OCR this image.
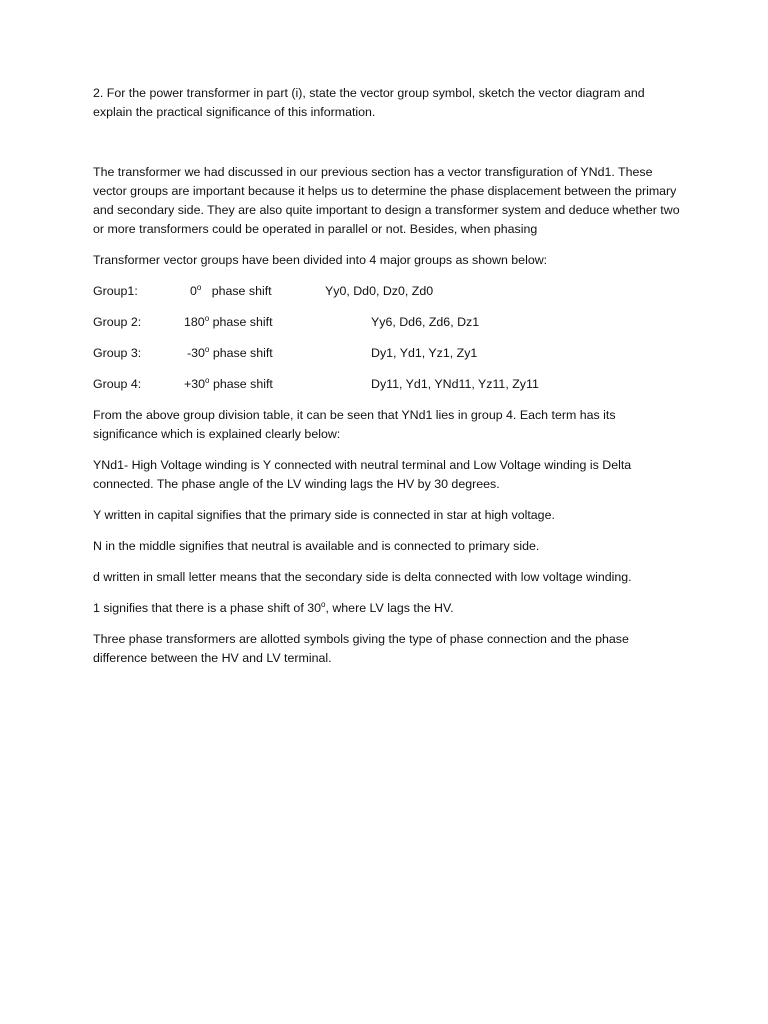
2. For the power transformer in part (i), state the vector group symbol, sketch the vector diagram and explain the practical significance of this information.

The transformer we had discussed in our previous section has a vector transfiguration of YNd1. These vector groups are important because it helps us to determine the phase displacement between the primary and secondary side. They are also quite important to design a transformer system and deduce whether two or more transformers could be operated in parallel or not. Besides, when phasing

Transformer vector groups have been divided into 4 major groups as shown below:

Group1:	0$^o$ phase shift	Yy0, Dd0, Dz0, Zd0
Group 2:	180$^o$ phase shift	Yy6, Dd6, Zd6, Dz1
Group 3:	-30$^o$ phase shift	Dy1, Yd1, Yz1, Zy1
Group 4:	$+30^o$ phase shift	Dy11, Yd1, YNd11, Yz11, Zy11

From the above group division table, it can be seen that YNd1 lies in group 4. Each term has its significance which is explained clearly below:

YNd1- High Voltage winding is Y connected with neutral terminal and Low Voltage winding is Delta connected. The phase angle of the LV winding lags the HV by 30 degrees.

Y written in capital signifies that the primary side is connected in star at high voltage.

N in the middle signifies that neutral is available and is connected to primary side.

d written in small letter means that the secondary side is delta connected with low voltage winding.

1 signifies that there is a phase shift of 30$^o$, where LV lags the HV.

Three phase transformers are allotted symbols giving the type of phase connection and the phase difference between the HV and LV terminal.
